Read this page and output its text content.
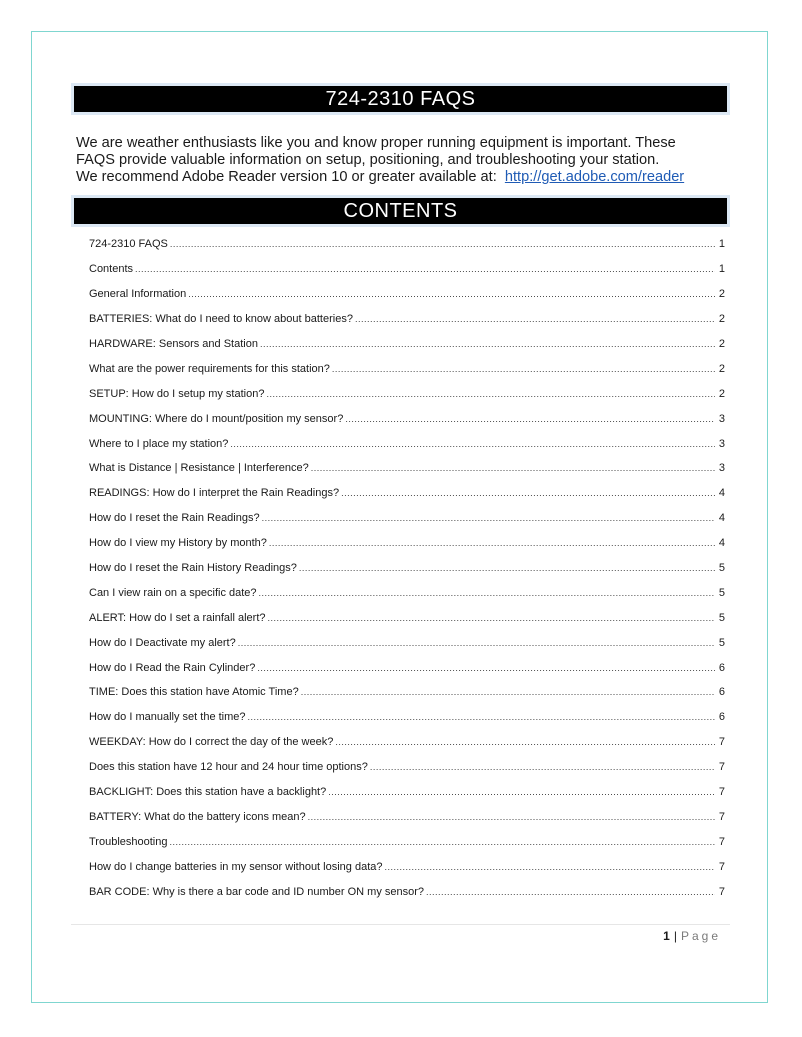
724-2310 FAQS

We are weather enthusiasts like you and know proper running equipment is important. These

FAQS provide valuable information on setup, positioning, and troubleshooting your station.

We recommend Adobe Reader version 10 or greater available at: http://get.adobe.com/reader

CONTENTS
724-2310 FAQS .....	1
Contents .....	1
General Information .....	2
BATTERIES: What do I need to know about batteries? .....	2
HARDWARE: Sensors and Station .....	2
What are the power requirements for this station? .....	2
SETUP: How do I setup my station? .....	2
MOUNTING: Where do I mount/position my sensor? .....	3
Where to I place my station? .....	3
What is Distance | Resistance | Interference? .....	3
READINGS: How do I interpret the Rain Readings? .....	4
How do I reset the Rain Readings? .....	4
How do I view my History by month? .....	4
How do I reset the Rain History Readings? .....	5
Can I view rain on a specific date? .....	5
ALERT: How do I set a rainfall alert? .....	5
How do I Deactivate my alert? .....	5
How do I Read the Rain Cylinder? .....	6
TIME: Does this station have Atomic Time? .....	6
How do I manually set the time? .....	6
WEEKDAY: How do I correct the day of the week? .....	7
Does this station have 12 hour and 24 hour time options? .....	7
BACKLIGHT: Does this station have a backlight? .....	7
BATTERY: What do the battery icons mean? .....	7
Troubleshooting .....	7
How do I change batteries in my sensor without losing data? .....	7
BAR CODE: Why is there a bar code and ID number ON my sensor? .....	7
1 | Page
